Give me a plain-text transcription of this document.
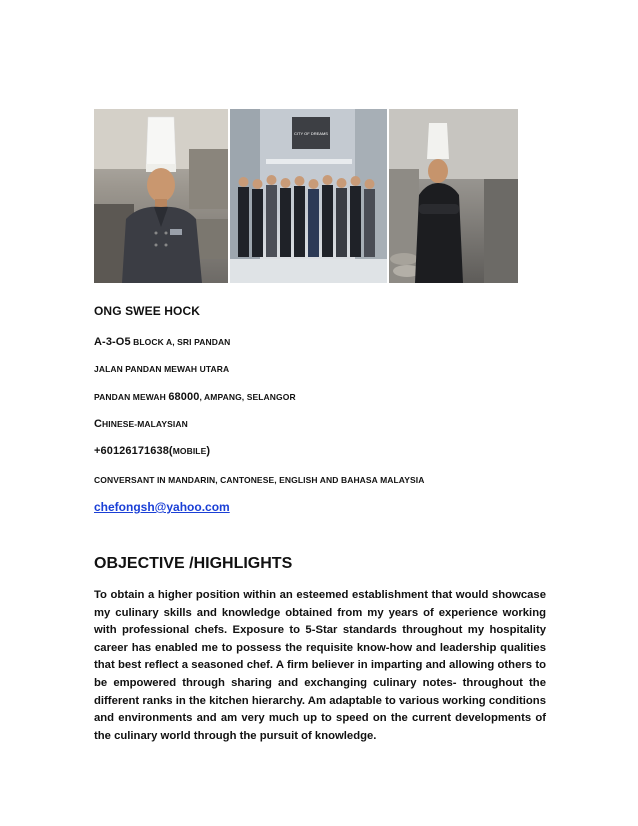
CITY OF DREAMS
ONG SWEE HOCK
A-3-O5 BLOCK A, SRI PANDAN
JALAN PANDAN MEWAH UTARA
PANDAN MEWAH 68000, AMPANG, SELANGOR
CHINESE-MALAYSIAN
+60126171638(MOBILE)
CONVERSANT IN MANDARIN, CANTONESE, ENGLISH AND BAHASA MALAYSIA
chefongsh@yahoo.com
OBJECTIVE /HIGHLIGHTS

To obtain a higher position within an esteemed establishment that would showcase my culinary skills and knowledge obtained from my years of experience working with professional chefs. Exposure to 5-Star standards throughout my hospitality career has enabled me to possess the requisite know-how and leadership qualities that best reflect a seasoned chef. A firm believer in imparting and allowing others to be empowered through sharing and exchanging culinary notes- throughout the different ranks in the kitchen hierarchy. Am adaptable to various working conditions and environments and am very much up to speed on the current developments of the culinary world through the pursuit of knowledge.
